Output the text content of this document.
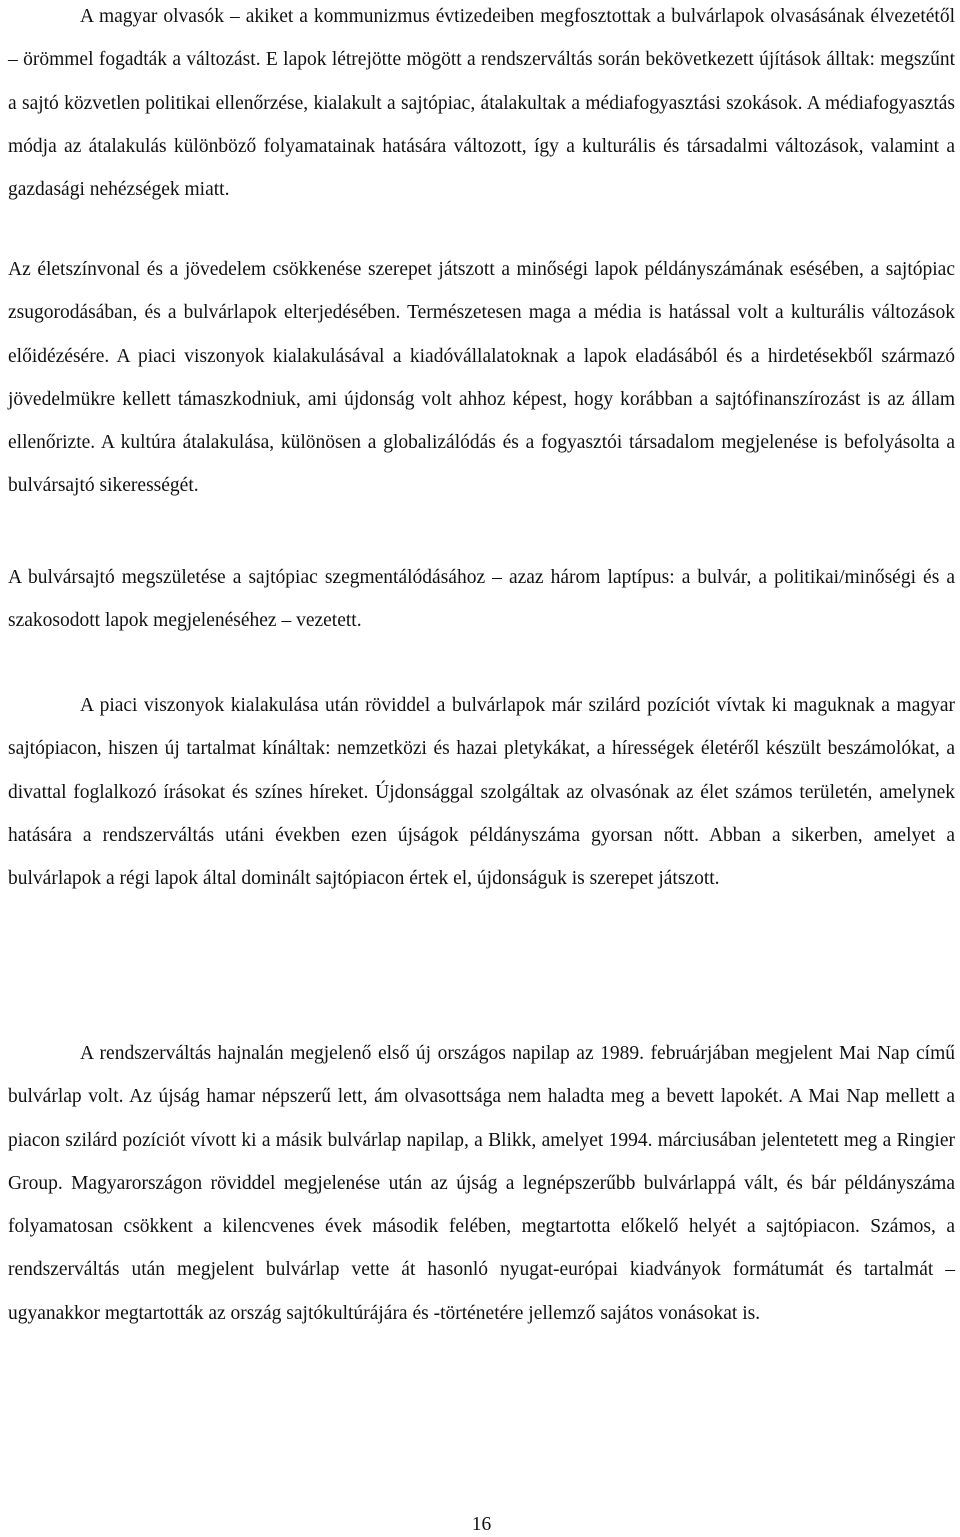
A magyar olvasók – akiket a kommunizmus évtizedeiben megfosztottak a bulvárlapok olvasásának élvezetétől – örömmel fogadták a változást. E lapok létrejötte mögött a rendszerváltás során bekövetkezett újítások álltak: megszűnt a sajtó közvetlen politikai ellenőrzése, kialakult a sajtópiac, átalakultak a médiafogyasztási szokások. A médiafogyasztás módja az átalakulás különböző folyamatainak hatására változott, így a kulturális és társadalmi változások, valamint a gazdasági nehézségek miatt.

Az életszínvonal és a jövedelem csökkenése szerepet játszott a minőségi lapok példányszámának esésében, a sajtópiac zsugorodásában, és a bulvárlapok elterjedésében. Természetesen maga a média is hatással volt a kulturális változások előidézésére. A piaci viszonyok kialakulásával a kiadóvállalatoknak a lapok eladásából és a hirdetésekből származó jövedelmükre kellett támaszkodniuk, ami újdonság volt ahhoz képest, hogy korábban a sajtófinanszírozást is az állam ellenőrizte. A kultúra átalakulása, különösen a globalizálódás és a fogyasztói társadalom megjelenése is befolyásolta a bulvársajtó sikerességét.

A bulvársajtó megszületése a sajtópiac szegmentálódásához – azaz három laptípus: a bulvár, a politikai/minőségi és a szakosodott lapok megjelenéséhez – vezetett.

A piaci viszonyok kialakulása után röviddel a bulvárlapok már szilárd pozíciót vívtak ki maguknak a magyar sajtópiacon, hiszen új tartalmat kínáltak: nemzetközi és hazai pletykákat, a hírességek életéről készült beszámolókat, a divattal foglalkozó írásokat és színes híreket. Újdonsággal szolgáltak az olvasónak az élet számos területén, amelynek hatására a rendszerváltás utáni években ezen újságok példányszáma gyorsan nőtt. Abban a sikerben, amelyet a bulvárlapok a régi lapok által dominált sajtópiacon értek el, újdonságuk is szerepet játszott.

A rendszerváltás hajnalán megjelenő első új országos napilap az 1989. februárjában megjelent Mai Nap című bulvárlap volt. Az újság hamar népszerű lett, ám olvasottsága nem haladta meg a bevett lapokét. A Mai Nap mellett a piacon szilárd pozíciót vívott ki a másik bulvárlap napilap, a Blikk, amelyet 1994. márciusában jelentetett meg a Ringier Group. Magyarországon röviddel megjelenése után az újság a legnépszerűbb bulvárlappá vált, és bár példányszáma folyamatosan csökkent a kilencvenes évek második felében, megtartotta előkelő helyét a sajtópiacon. Számos, a rendszerváltás után megjelent bulvárlap vette át hasonló nyugat-európai kiadványok formátumát és tartalmát – ugyanakkor megtartották az ország sajtókultúrájára és -történetére jellemző sajátos vonásokat is.

16
